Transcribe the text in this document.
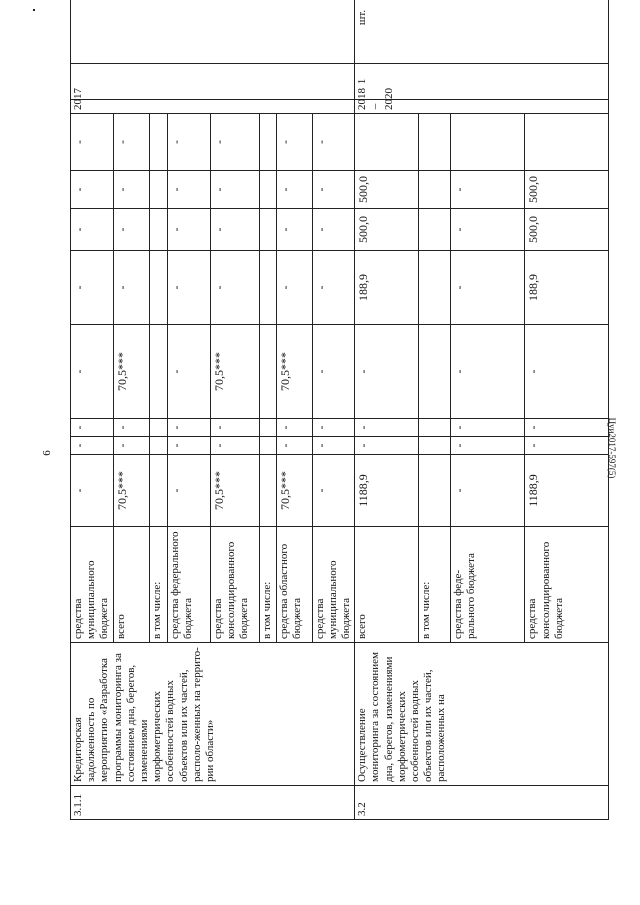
6	Цуи2017-597(5)
3.1.1	Кредиторская задолженность по мероприятию «Разработка программы мониторинга за состоянием дна, берегов, изменениями морфометрических особенностей водных объектов или их частей, располо-женных на террито-рии области»	средства муниципального бюджета	-	-	-	-	-	-	-	-	2017			
		всего	70,5***	-	-	70,5***	-	-	-	-				
		в том числе:												
		средства федерального бюджета	-	-	-	-	-	-	-	-				
		средства консолидированного бюджета	70,5***	-	-	70,5***	-	-	-	-				
		в том числе:												
		средства областного бюджета	70,5***	-	-	70,5***	-	-	-	-				
		средства муниципального бюджета	-	-	-	-	-	-	-	-				
3.2	Осуществление мониторинга за состоянием дна, берегов, изменениями морфометрических особенностей водных объектов или их частей, расположенных на	всего	1188,9	-	-	-	188,9	500,0	500,0		2018 – 2020	1	шт.	
		в том числе:												
		средства феде-рального бюджета	-	-	-	-	-	-	-					
		средства консолидированного бюджета	1188,9	-	-	-	188,9	500,0	500,0					
